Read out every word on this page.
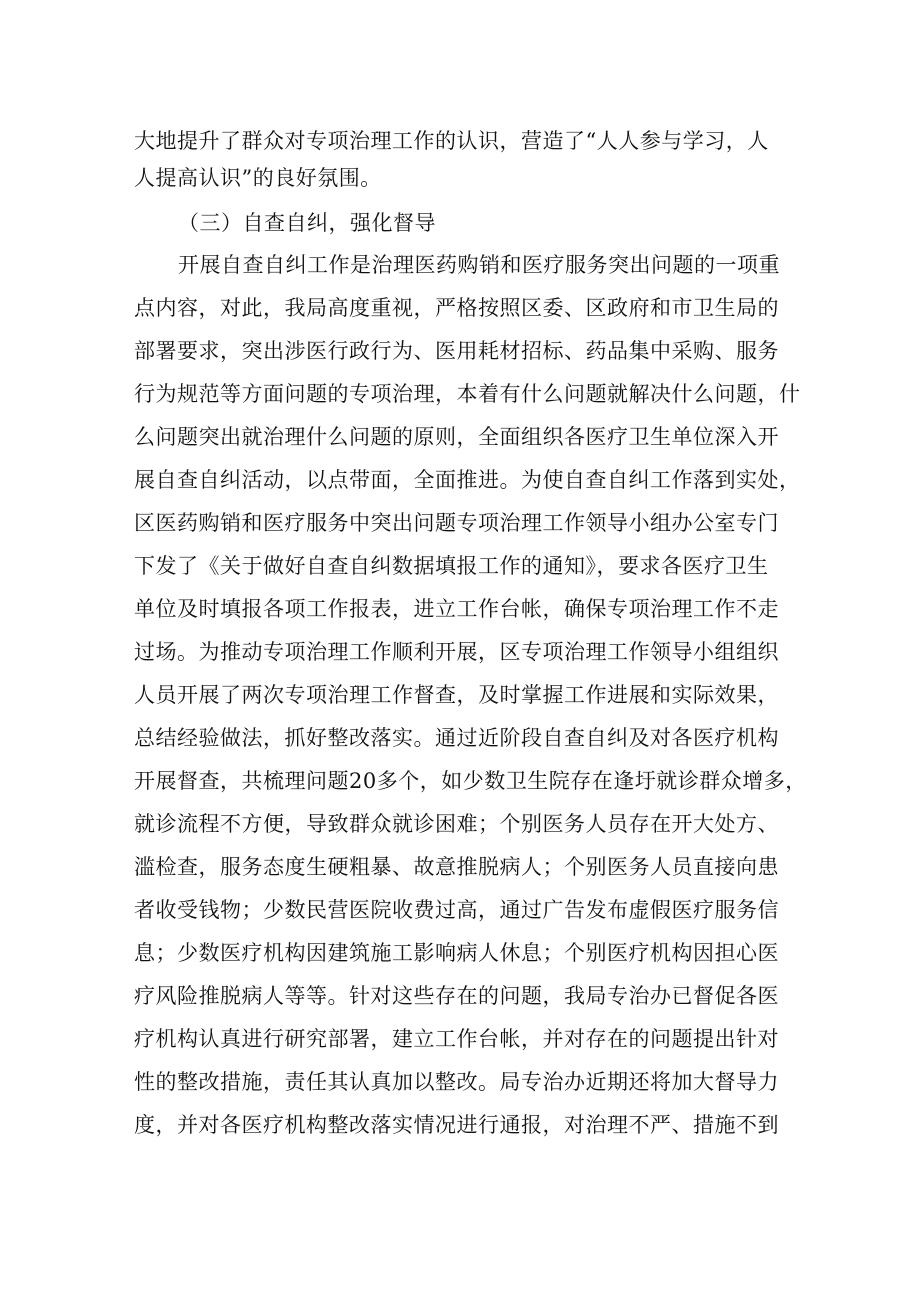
大地提升了群众对专项治理工作的认识，营造了“人人参与学习，人
人提高认识”的良好氛围。
（三）自查自纠，强化督导
开展自查自纠工作是治理医药购销和医疗服务突出问题的一项重
点内容，对此，我局高度重视，严格按照区委、区政府和市卫生局的
部署要求，突出涉医行政行为、医用耗材招标、药品集中采购、服务
行为规范等方面问题的专项治理，本着有什么问题就解决什么问题，什
么问题突出就治理什么问题的原则，全面组织各医疗卫生单位深入开
展自查自纠活动，以点带面，全面推进。为使自查自纠工作落到实处，
区医药购销和医疗服务中突出问题专项治理工作领导小组办公室专门
下发了《关于做好自查自纠数据填报工作的通知》，要求各医疗卫生
单位及时填报各项工作报表，进立工作台帐，确保专项治理工作不走
过场。为推动专项治理工作顺利开展，区专项治理工作领导小组组织
人员开展了两次专项治理工作督查，及时掌握工作进展和实际效果，
总结经验做法，抓好整改落实。通过近阶段自查自纠及对各医疗机构
开展督查，共梳理问题20多个，如少数卫生院存在逢圩就诊群众增多，
就诊流程不方便，导致群众就诊困难；个别医务人员存在开大处方、
滥检查，服务态度生硬粗暴、故意推脱病人；个别医务人员直接向患
者收受钱物；少数民营医院收费过高，通过广告发布虚假医疗服务信
息；少数医疗机构因建筑施工影响病人休息；个别医疗机构因担心医
疗风险推脱病人等等。针对这些存在的问题，我局专治办已督促各医
疗机构认真进行研究部署，建立工作台帐，并对存在的问题提出针对
性的整改措施，责任其认真加以整改。局专治办近期还将加大督导力
度，并对各医疗机构整改落实情况进行通报，对治理不严、措施不到
